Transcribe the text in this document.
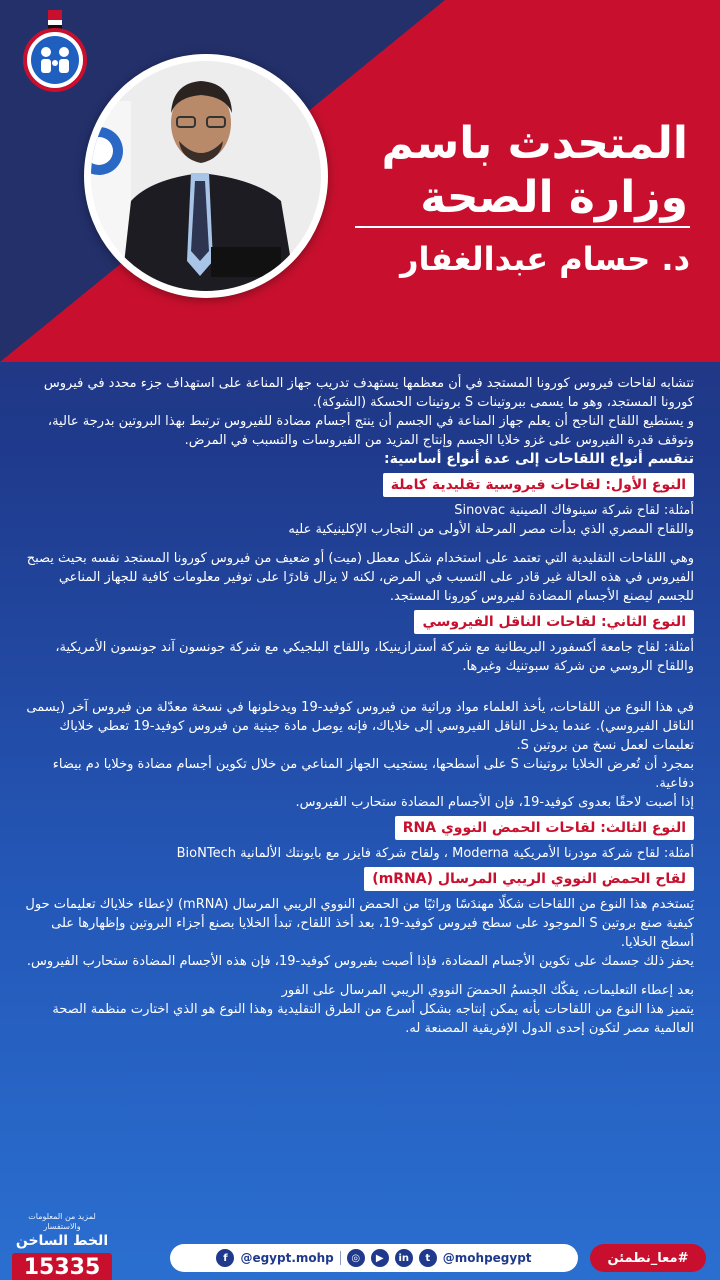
المتحدث باسم

وزارة الصحة

د. حسام عبدالغفار

تتشابه لقاحات فيروس كورونا المستجد في أن معظمها يستهدف تدريب جهاز المناعة على استهداف جزء محدد في فيروس كورونا المستجد، وهو ما يسمى ببروتينات S بروتينات الحسكة (الشوكة).

و يستطيع اللقاح الناجح أن يعلم جهاز المناعة في الجسم أن ينتج أجسام مضادة للفيروس ترتبط بهذا البروتين بدرجة عالية، وتوقف قدرة الفيروس على غزو خلايا الجسم وإنتاج المزيد من الفيروسات والتسبب في المرض.

تنقسم أنواع اللقاحات إلى عدة أنواع أساسية:

النوع الأول: لقاحات فيروسية تقليدية كاملة

أمثلة: لقاح شركة سينوفاك الصينية Sinovac

واللقاح المصري الذي بدأت مصر المرحلة الأولى من التجارب الإكلينيكية عليه

وهي اللقاحات التقليدية التي تعتمد على استخدام شكل معطل (ميت) أو ضعيف من فيروس كورونا المستجد نفسه بحيث يصبح الفيروس في هذه الحالة غير قادر على التسبب في المرض، لكنه لا يزال قادرًا على توفير معلومات كافية للجهاز المناعي للجسم ليصنع الأجسام المضادة لفيروس كورونا المستجد.

النوع الثاني: لقاحات الناقل الفيروسي

أمثلة: لقاح جامعة أكسفورد البريطانية مع شركة أسترازينيكا، واللقاح البلجيكي مع شركة جونسون آند جونسون الأمريكية، واللقاح الروسي من شركة سبوتنيك وغيرها.

في هذا النوع من اللقاحات، يأخذ العلماء مواد وراثية من فيروس كوفيد-19 ويدخلونها في نسخة معدّلة من فيروس آخر (يسمى الناقل الفيروسي). عندما يدخل الناقل الفيروسي إلى خلاياك، فإنه يوصل مادة جينية من فيروس كوفيد-19 تعطي خلاياك تعليمات لعمل نسخ من بروتين S.

بمجرد أن تُعرض الخلايا بروتينات S على أسطحها، يستجيب الجهاز المناعي من خلال تكوين أجسام مضادة وخلايا دم بيضاء دفاعية.

إذا أصبت لاحقًا بعدوى كوفيد-19، فإن الأجسام المضادة ستحارب الفيروس.

النوع الثالث: لقاحات الحمض النووي RNA

أمثلة: لقاح شركة مودرنا الأمريكية Moderna ، ولقاح شركة فايزر مع بايونتك الألمانية BioNTech

لقاح الحمض النووي الريبي المرسال (mRNA)

يَستخدم هذا النوع من اللقاحات شكلًا مهندَسًا وراثيًا من الحمض النووي الريبي المرسال (mRNA) لإعطاء خلاياك تعليمات حول كيفية صنع بروتين S الموجود على سطح فيروس كوفيد-19، بعد أخذ اللقاح، تبدأ الخلايا بصنع أجزاء البروتين وإظهارها على أسطح الخلايا.

يحفز ذلك جسمك على تكوين الأجسام المضادة، فإذا أصبت بفيروس كوفيد-19، فإن هذه الأجسام المضادة ستحارب الفيروس.

بعد إعطاء التعليمات، يفكّك الجسمُ الحمضَ النووي الريبي المرسال على الفور

يتميز هذا النوع من اللقاحات بأنه يمكن إنتاجه بشكل أسرع من الطرق التقليدية وهذا النوع هو الذي اختارت منظمة الصحة العالمية مصر لتكون إحدى الدول الإفريقية المصنعة له.

لمزيد من المعلومات والاستفسار
الخط الساخن
15335	f	@egypt.mohp	◎	▶	in	t	@mohpegypt	#معا_نطمئن
